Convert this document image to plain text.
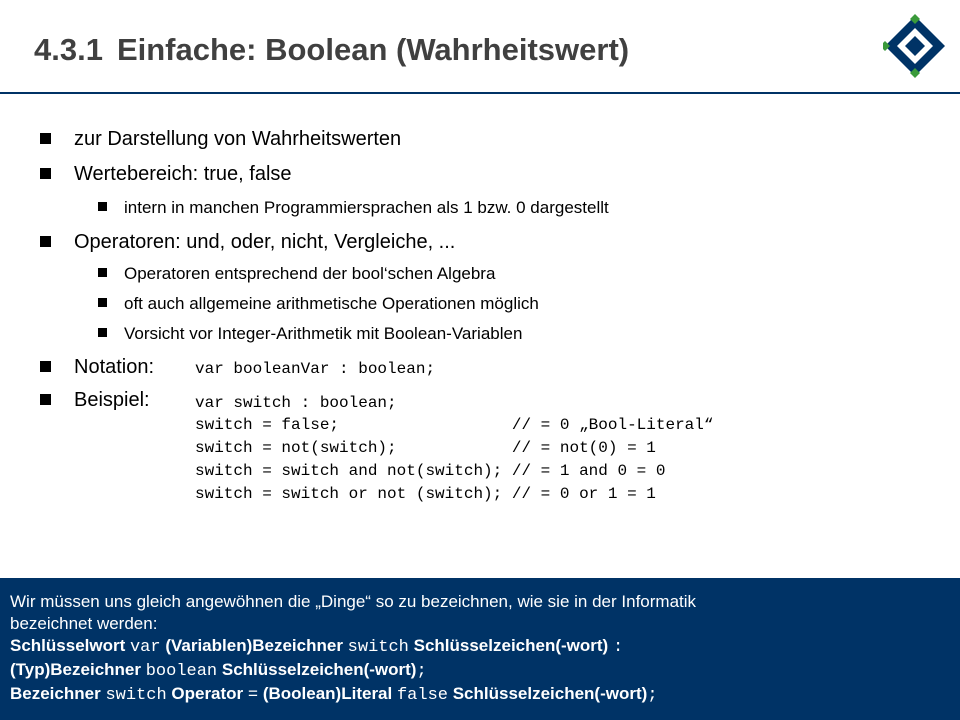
4.3.1 Einfache: Boolean (Wahrheitswert)
zur Darstellung von Wahrheitswerten
Wertebereich: true, false
intern in manchen Programmiersprachen als 1 bzw. 0 dargestellt
Operatoren: und, oder, nicht, Vergleiche, ...
Operatoren entsprechend der bool‘schen Algebra
oft auch allgemeine arithmetische Operationen möglich
Vorsicht vor Integer-Arithmetik mit Boolean-Variablen
Notation:	var booleanVar : boolean;
Beispiel:	var switch : boolean;
switch = false;                  // = 0 „Bool-Literal“
switch = not(switch);            // = not(0) = 1
switch = switch and not(switch); // = 1 and 0 = 0
switch = switch or not (switch); // = 0 or 1 = 1
Wir müssen uns gleich angewöhnen die „Dinge“ so zu bezeichnen, wie sie in der Informatik
bezeichnet werden:
Schlüsselwort var (Variablen)Bezeichner switch Schlüsselzeichen(-wort) :
(Typ)Bezeichner boolean Schlüsselzeichen(-wort);
Bezeichner switch Operator = (Boolean)Literal false Schlüsselzeichen(-wort);
